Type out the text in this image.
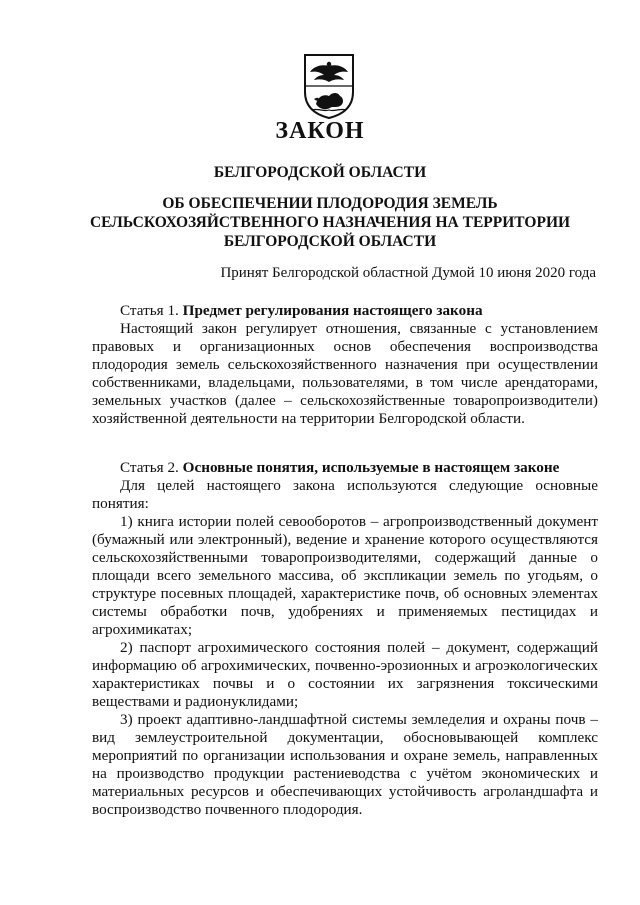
ЗАКОН
БЕЛГОРОДСКОЙ ОБЛАСТИ
ОБ ОБЕСПЕЧЕНИИ ПЛОДОРОДИЯ ЗЕМЕЛЬ
СЕЛЬСКОХОЗЯЙСТВЕННОГО НАЗНАЧЕНИЯ НА ТЕРРИТОРИИ
БЕЛГОРОДСКОЙ ОБЛАСТИ
Принят Белгородской областной Думой 10 июня 2020 года
Статья 1. Предмет регулирования настоящего закона

Настоящий закон регулирует отношения, связанные с установлением правовых и организационных основ обеспечения воспроизводства плодородия земель сельскохозяйственного назначения при осуществлении собственниками, владельцами, пользователями, в том числе арендаторами, земельных участков (далее – сельскохозяйственные товаропроизводители) хозяйственной деятельности на территории Белгородской области.

Статья 2. Основные понятия, используемые в настоящем законе

Для целей настоящего закона используются следующие основные понятия:

1) книга истории полей севооборотов – агропроизводственный документ (бумажный или электронный), ведение и хранение которого осуществляются сельскохозяйственными товаропроизводителями, содержащий данные о площади всего земельного массива, об экспликации земель по угодьям, о структуре посевных площадей, характеристике почв, об основных элементах системы обработки почв, удобрениях и применяемых пестицидах и агрохимикатах;

2) паспорт агрохимического состояния полей – документ, содержащий информацию об агрохимических, почвенно-эрозионных и агроэкологических характеристиках почвы и о состоянии их загрязнения токсическими веществами и радионуклидами;

3) проект адаптивно-ландшафтной системы земледелия и охраны почв – вид землеустроительной документации, обосновывающей комплекс мероприятий по организации использования и охране земель, направленных на производство продукции растениеводства с учётом экономических и материальных ресурсов и обеспечивающих устойчивость агроландшафта и воспроизводство почвенного плодородия.
